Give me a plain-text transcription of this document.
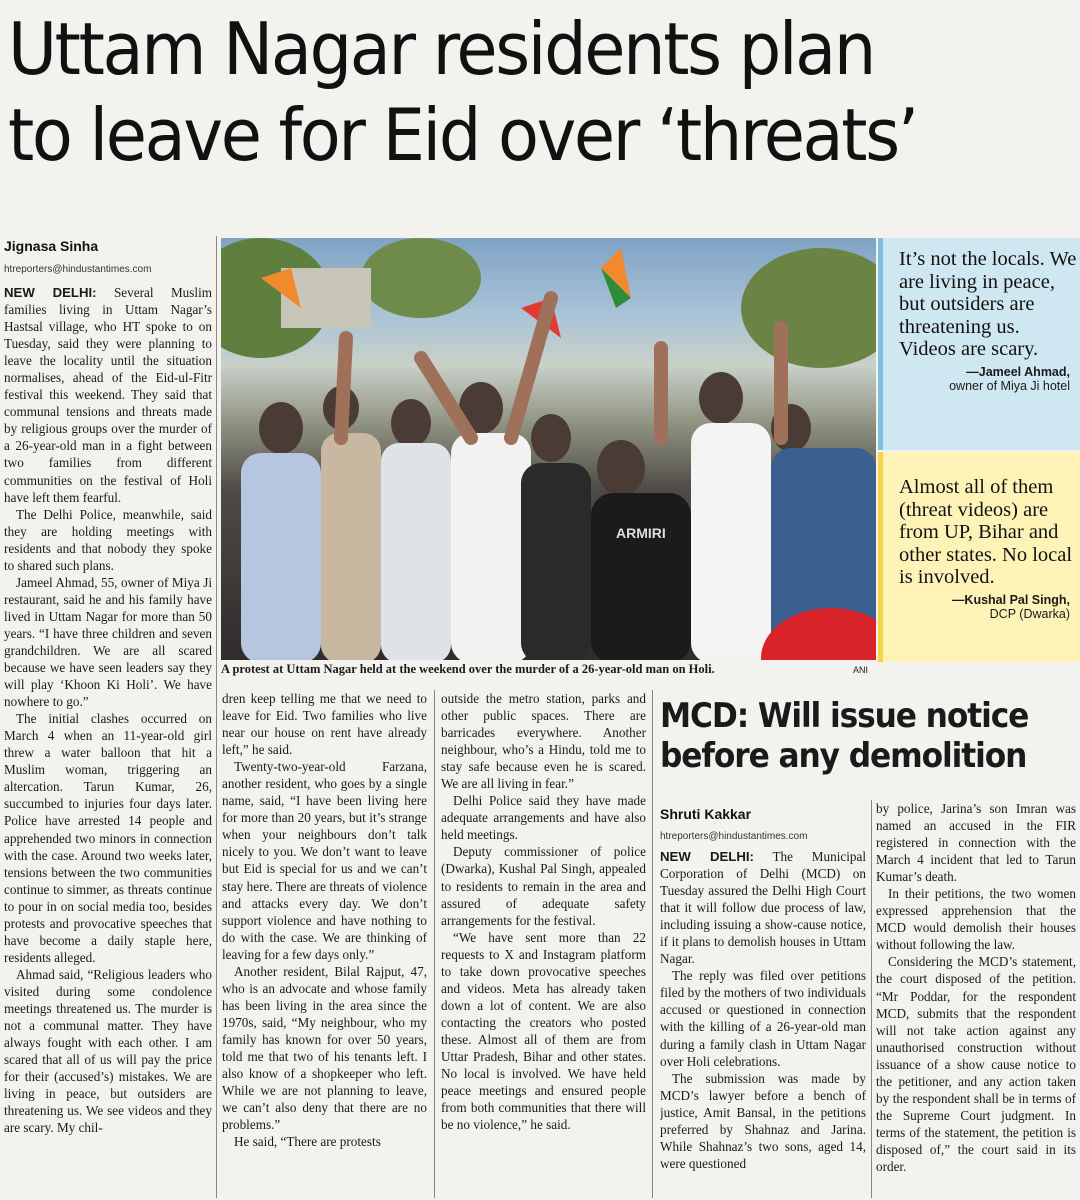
Uttam Nagar residents plan
to leave for Eid over ‘threats’
Jignasa Sinha
htreporters@hindustantimes.com

NEW DELHI: Several Muslim families living in Uttam Nagar’s Hastsal village, who HT spoke to on Tuesday, said they were planning to leave the locality until the situation normalises, ahead of the Eid-ul-Fitr festival this weekend. They said that communal tensions and threats made by religious groups over the murder of a 26-year-old man in a fight between two families from different communities on the festival of Holi have left them fearful.

The Delhi Police, meanwhile, said they are holding meetings with residents and that nobody they spoke to shared such plans.

Jameel Ahmad, 55, owner of Miya Ji restaurant, said he and his family have lived in Uttam Nagar for more than 50 years. “I have three children and seven grandchildren. We are all scared because we have seen leaders say they will play ‘Khoon Ki Holi’. We have nowhere to go.”

The initial clashes occurred on March 4 when an 11-year-old girl threw a water balloon that hit a Muslim woman, triggering an altercation. Tarun Kumar, 26, succumbed to injuries four days later. Police have arrested 14 people and apprehended two minors in connection with the case. Around two weeks later, tensions between the two communities continue to simmer, as threats continue to pour in on social media too, besides protests and provocative speeches that have become a daily staple here, residents alleged.

Ahmad said, “Religious leaders who visited during some condolence meetings threatened us. The murder is not a communal matter. They have always fought with each other. I am scared that all of us will pay the price for their (accused’s) mistakes. We are living in peace, but outsiders are threatening us. We see videos and they are scary. My chil-

ARMIRI
A protest at Uttam Nagar held at the weekend over the murder of a 26-year-old man on Holi.	ANI
It’s not the locals. We are living in peace, but outsiders are threatening us. Videos are scary.
—Jameel Ahmad,
owner of Miya Ji hotel
Almost all of them (threat videos) are from UP, Bihar and other states. No local is involved.
—Kushal Pal Singh,
DCP (Dwarka)

dren keep telling me that we need to leave for Eid. Two families who live near our house on rent have already left,” he said.

Twenty-two-year-old Farzana, another resident, who goes by a single name, said, “I have been living here for more than 20 years, but it’s strange when your neighbours don’t talk nicely to you. We don’t want to leave but Eid is special for us and we can’t stay here. There are threats of violence and attacks every day. We don’t support violence and have nothing to do with the case. We are thinking of leaving for a few days only.”

Another resident, Bilal Rajput, 47, who is an advocate and whose family has been living in the area since the 1970s, said, “My neighbour, who my family has known for over 50 years, told me that two of his tenants left. I also know of a shopkeeper who left. While we are not planning to leave, we can’t also deny that there are no problems.”

He said, “There are protests

outside the metro station, parks and other public spaces. There are barricades everywhere. Another neighbour, who’s a Hindu, told me to stay safe because even he is scared. We are all living in fear.”

Delhi Police said they have made adequate arrangements and have also held meetings.

Deputy commissioner of police (Dwarka), Kushal Pal Singh, appealed to residents to remain in the area and assured of adequate safety arrangements for the festival.

“We have sent more than 22 requests to X and Instagram platform to take down provocative speeches and videos. Meta has already taken down a lot of content. We are also contacting the creators who posted these. Almost all of them are from Uttar Pradesh, Bihar and other states. No local is involved. We have held peace meetings and ensured people from both communities that there will be no violence,” he said.

MCD: Will issue notice
before any demolition
Shruti Kakkar
htreporters@hindustantimes.com

NEW DELHI: The Municipal Corporation of Delhi (MCD) on Tuesday assured the Delhi High Court that it will follow due process of law, including issuing a show-cause notice, if it plans to demolish houses in Uttam Nagar.

The reply was filed over petitions filed by the mothers of two individuals accused or questioned in connection with the killing of a 26-year-old man during a family clash in Uttam Nagar over Holi celebrations.

The submission was made by MCD’s lawyer before a bench of justice, Amit Bansal, in the petitions preferred by Shahnaz and Jarina. While Shahnaz’s two sons, aged 14, were questioned

by police, Jarina’s son Imran was named an accused in the FIR registered in connection with the March 4 incident that led to Tarun Kumar’s death.

In their petitions, the two women expressed apprehension that the MCD would demolish their houses without following the law.

Considering the MCD’s statement, the court disposed of the petition. “Mr Poddar, for the respondent MCD, submits that the respondent will not take action against any unauthorised construction without issuance of a show cause notice to the petitioner, and any action taken by the respondent shall be in terms of the Supreme Court judgment. In terms of the statement, the petition is disposed of,” the court said in its order.
